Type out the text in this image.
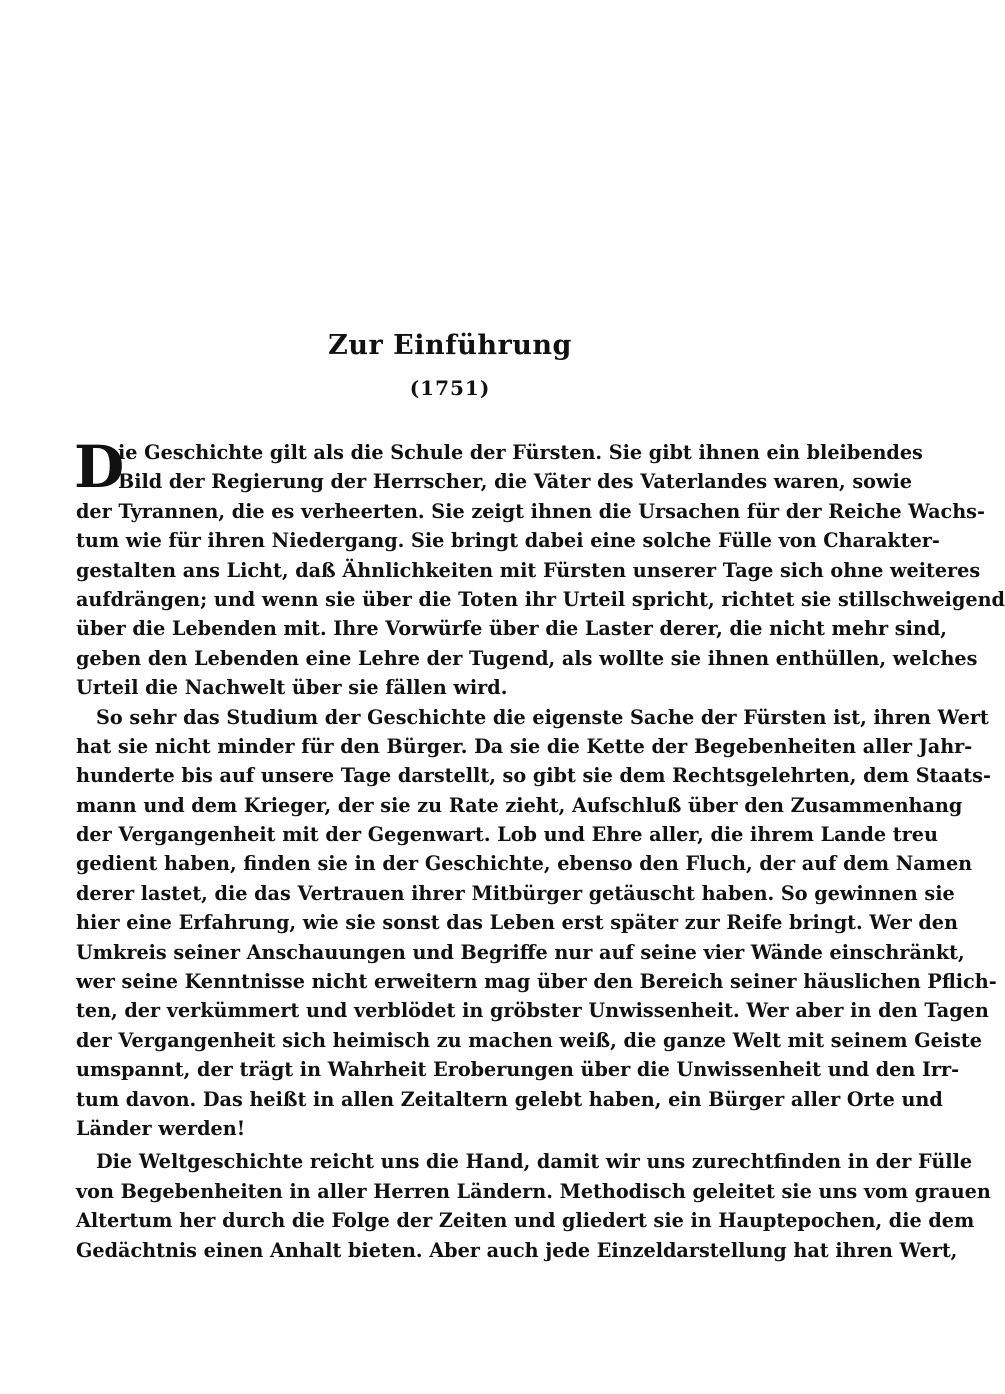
Zur Einführung
(1751)
D
ie Geschichte gilt als die Schule der Fürsten. Sie gibt ihnen ein bleibendes
Bild der Regierung der Herrscher, die Väter des Vaterlandes waren, sowie
der Tyrannen, die es verheerten. Sie zeigt ihnen die Ursachen für der Reiche Wachs-
tum wie für ihren Niedergang. Sie bringt dabei eine solche Fülle von Charakter-
gestalten ans Licht, daß Ähnlichkeiten mit Fürsten unserer Tage sich ohne weiteres
aufdrängen; und wenn sie über die Toten ihr Urteil spricht, richtet sie stillschweigend
über die Lebenden mit. Ihre Vorwürfe über die Laster derer, die nicht mehr sind,
geben den Lebenden eine Lehre der Tugend, als wollte sie ihnen enthüllen, welches
Urteil die Nachwelt über sie fällen wird.
So sehr das Studium der Geschichte die eigenste Sache der Fürsten ist, ihren Wert
hat sie nicht minder für den Bürger. Da sie die Kette der Begebenheiten aller Jahr-
hunderte bis auf unsere Tage darstellt, so gibt sie dem Rechtsgelehrten, dem Staats-
mann und dem Krieger, der sie zu Rate zieht, Aufschluß über den Zusammenhang
der Vergangenheit mit der Gegenwart. Lob und Ehre aller, die ihrem Lande treu
gedient haben, finden sie in der Geschichte, ebenso den Fluch, der auf dem Namen
derer lastet, die das Vertrauen ihrer Mitbürger getäuscht haben. So gewinnen sie
hier eine Erfahrung, wie sie sonst das Leben erst später zur Reife bringt. Wer den
Umkreis seiner Anschauungen und Begriffe nur auf seine vier Wände einschränkt,
wer seine Kenntnisse nicht erweitern mag über den Bereich seiner häuslichen Pflich-
ten, der verkümmert und verblödet in gröbster Unwissenheit. Wer aber in den Tagen
der Vergangenheit sich heimisch zu machen weiß, die ganze Welt mit seinem Geiste
umspannt, der trägt in Wahrheit Eroberungen über die Unwissenheit und den Irr-
tum davon. Das heißt in allen Zeitaltern gelebt haben, ein Bürger aller Orte und
Länder werden!
Die Weltgeschichte reicht uns die Hand, damit wir uns zurechtfinden in der Fülle
von Begebenheiten in aller Herren Ländern. Methodisch geleitet sie uns vom grauen
Altertum her durch die Folge der Zeiten und gliedert sie in Hauptepochen, die dem
Gedächtnis einen Anhalt bieten. Aber auch jede Einzeldarstellung hat ihren Wert,
